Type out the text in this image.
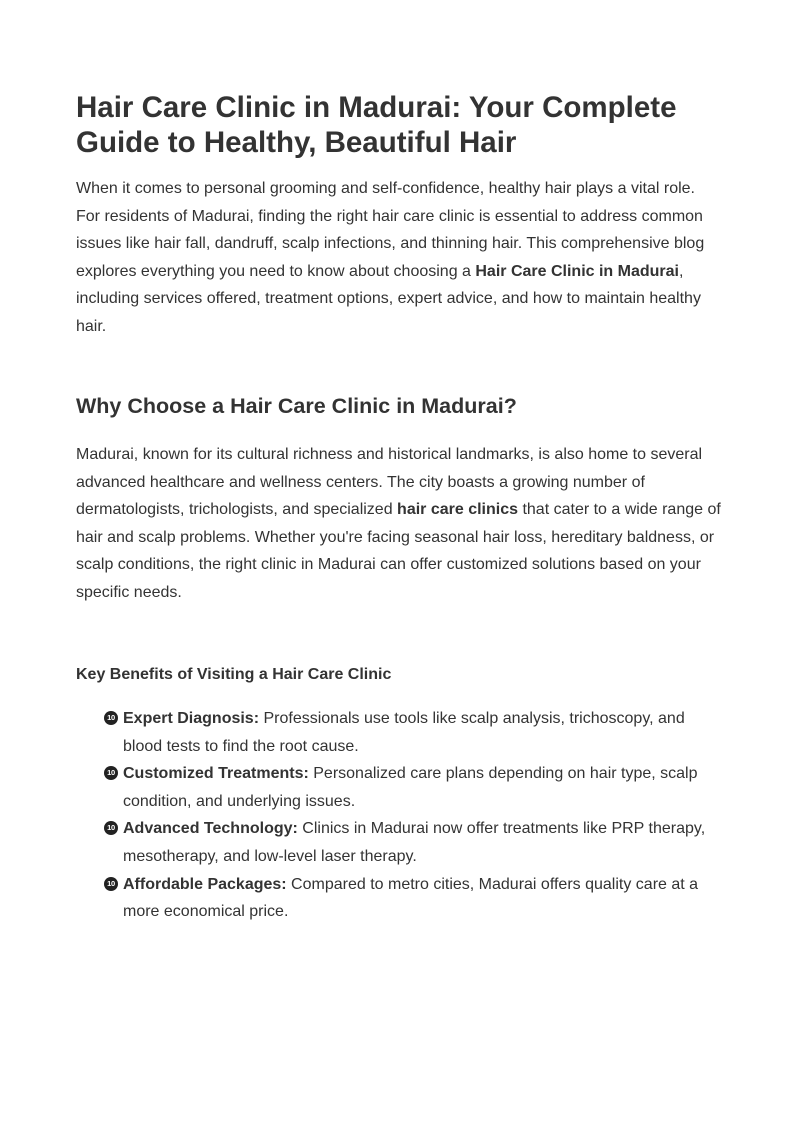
Hair Care Clinic in Madurai: Your Complete Guide to Healthy, Beautiful Hair

When it comes to personal grooming and self-confidence, healthy hair plays a vital role. For residents of Madurai, finding the right hair care clinic is essential to address common issues like hair fall, dandruff, scalp infections, and thinning hair. This comprehensive blog explores everything you need to know about choosing a Hair Care Clinic in Madurai, including services offered, treatment options, expert advice, and how to maintain healthy hair.

Why Choose a Hair Care Clinic in Madurai?

Madurai, known for its cultural richness and historical landmarks, is also home to several advanced healthcare and wellness centers. The city boasts a growing number of dermatologists, trichologists, and specialized hair care clinics that cater to a wide range of hair and scalp problems. Whether you're facing seasonal hair loss, hereditary baldness, or scalp conditions, the right clinic in Madurai can offer customized solutions based on your specific needs.

Key Benefits of Visiting a Hair Care Clinic
10 Expert Diagnosis: Professionals use tools like scalp analysis, trichoscopy, and blood tests to find the root cause.
10 Customized Treatments: Personalized care plans depending on hair type, scalp condition, and underlying issues.
10 Advanced Technology: Clinics in Madurai now offer treatments like PRP therapy, mesotherapy, and low-level laser therapy.
10 Affordable Packages: Compared to metro cities, Madurai offers quality care at a more economical price.
